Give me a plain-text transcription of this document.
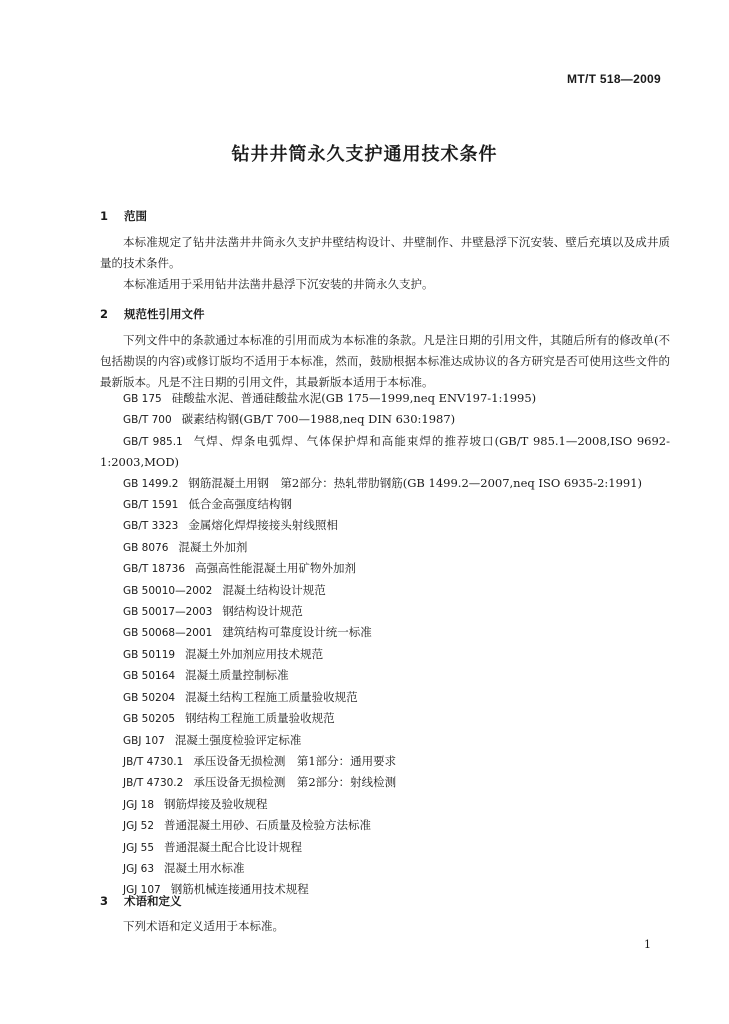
MT/T 518—2009
钻井井筒永久支护通用技术条件
1 范围
本标准规定了钻井法凿井井筒永久支护井壁结构设计、井壁制作、井壁悬浮下沉安装、壁后充填以及成井质量的技术条件。
本标准适用于采用钻井法凿井悬浮下沉安装的井筒永久支护。
2 规范性引用文件
下列文件中的条款通过本标准的引用而成为本标准的条款。凡是注日期的引用文件，其随后所有的修改单(不包括勘误的内容)或修订版均不适用于本标准，然而，鼓励根据本标准达成协议的各方研究是否可使用这些文件的最新版本。凡是不注日期的引用文件，其最新版本适用于本标准。
GB 175 硅酸盐水泥、普通硅酸盐水泥(GB 175—1999,neq ENV197-1:1995)
GB/T 700 碳素结构钢(GB/T 700—1988,neq DIN 630:1987)
GB/T 985.1 气焊、焊条电弧焊、气体保护焊和高能束焊的推荐坡口(GB/T 985.1—2008,ISO 9692-1:2003,MOD)
GB 1499.2 钢筋混凝土用钢　第2部分：热轧带肋钢筋(GB 1499.2—2007,neq ISO 6935-2:1991)
GB/T 1591 低合金高强度结构钢
GB/T 3323 金属熔化焊焊接接头射线照相
GB 8076 混凝土外加剂
GB/T 18736 高强高性能混凝土用矿物外加剂
GB 50010—2002 混凝土结构设计规范
GB 50017—2003 钢结构设计规范
GB 50068—2001 建筑结构可靠度设计统一标准
GB 50119 混凝土外加剂应用技术规范
GB 50164 混凝土质量控制标准
GB 50204 混凝土结构工程施工质量验收规范
GB 50205 钢结构工程施工质量验收规范
GBJ 107 混凝土强度检验评定标准
JB/T 4730.1 承压设备无损检测　第1部分：通用要求
JB/T 4730.2 承压设备无损检测　第2部分：射线检测
JGJ 18 钢筋焊接及验收规程
JGJ 52 普通混凝土用砂、石质量及检验方法标准
JGJ 55 普通混凝土配合比设计规程
JGJ 63 混凝土用水标准
JGJ 107 钢筋机械连接通用技术规程
3 术语和定义
下列术语和定义适用于本标准。
1
